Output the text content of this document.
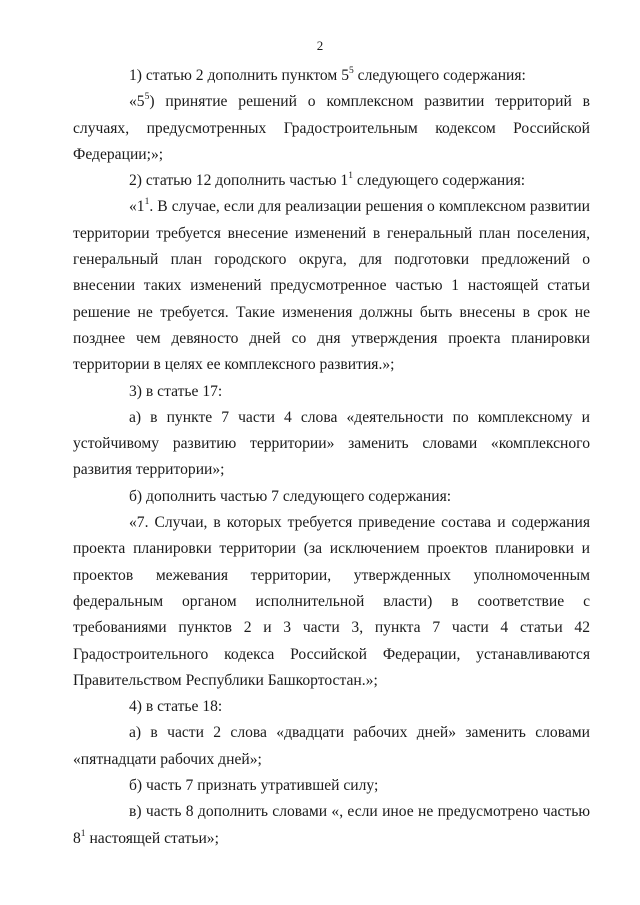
2

1) статью 2 дополнить пунктом $5^5$ следующего содержания:

«$5^5$) принятие решений о комплексном развитии территорий в случаях, предусмотренных Градостроительным кодексом Российской Федерации;»;

2) статью 12 дополнить частью $1^1$ следующего содержания:

«$1^1$. В случае, если для реализации решения о комплексном развитии территории требуется внесение изменений в генеральный план поселения, генеральный план городского округа, для подготовки предложений о внесении таких изменений предусмотренное частью 1 настоящей статьи решение не требуется. Такие изменения должны быть внесены в срок не позднее чем девяносто дней со дня утверждения проекта планировки территории в целях ее комплексного развития.»;

3) в статье 17:

а) в пункте 7 части 4 слова «деятельности по комплексному и устойчивому развитию территории» заменить словами «комплексного развития территории»;

б) дополнить частью 7 следующего содержания:

«7. Случаи, в которых требуется приведение состава и содержания проекта планировки территории (за исключением проектов планировки и проектов межевания территории, утвержденных уполномоченным федеральным органом исполнительной власти) в соответствие с требованиями пунктов 2 и 3 части 3, пункта 7 части 4 статьи 42 Градостроительного кодекса Российской Федерации, устанавливаются Правительством Республики Башкортостан.»;

4) в статье 18:

а) в части 2 слова «двадцати рабочих дней» заменить словами «пятнадцати рабочих дней»;

б) часть 7 признать утратившей силу;

в) часть 8 дополнить словами «, если иное не предусмотрено частью $8^1$ настоящей статьи»;
